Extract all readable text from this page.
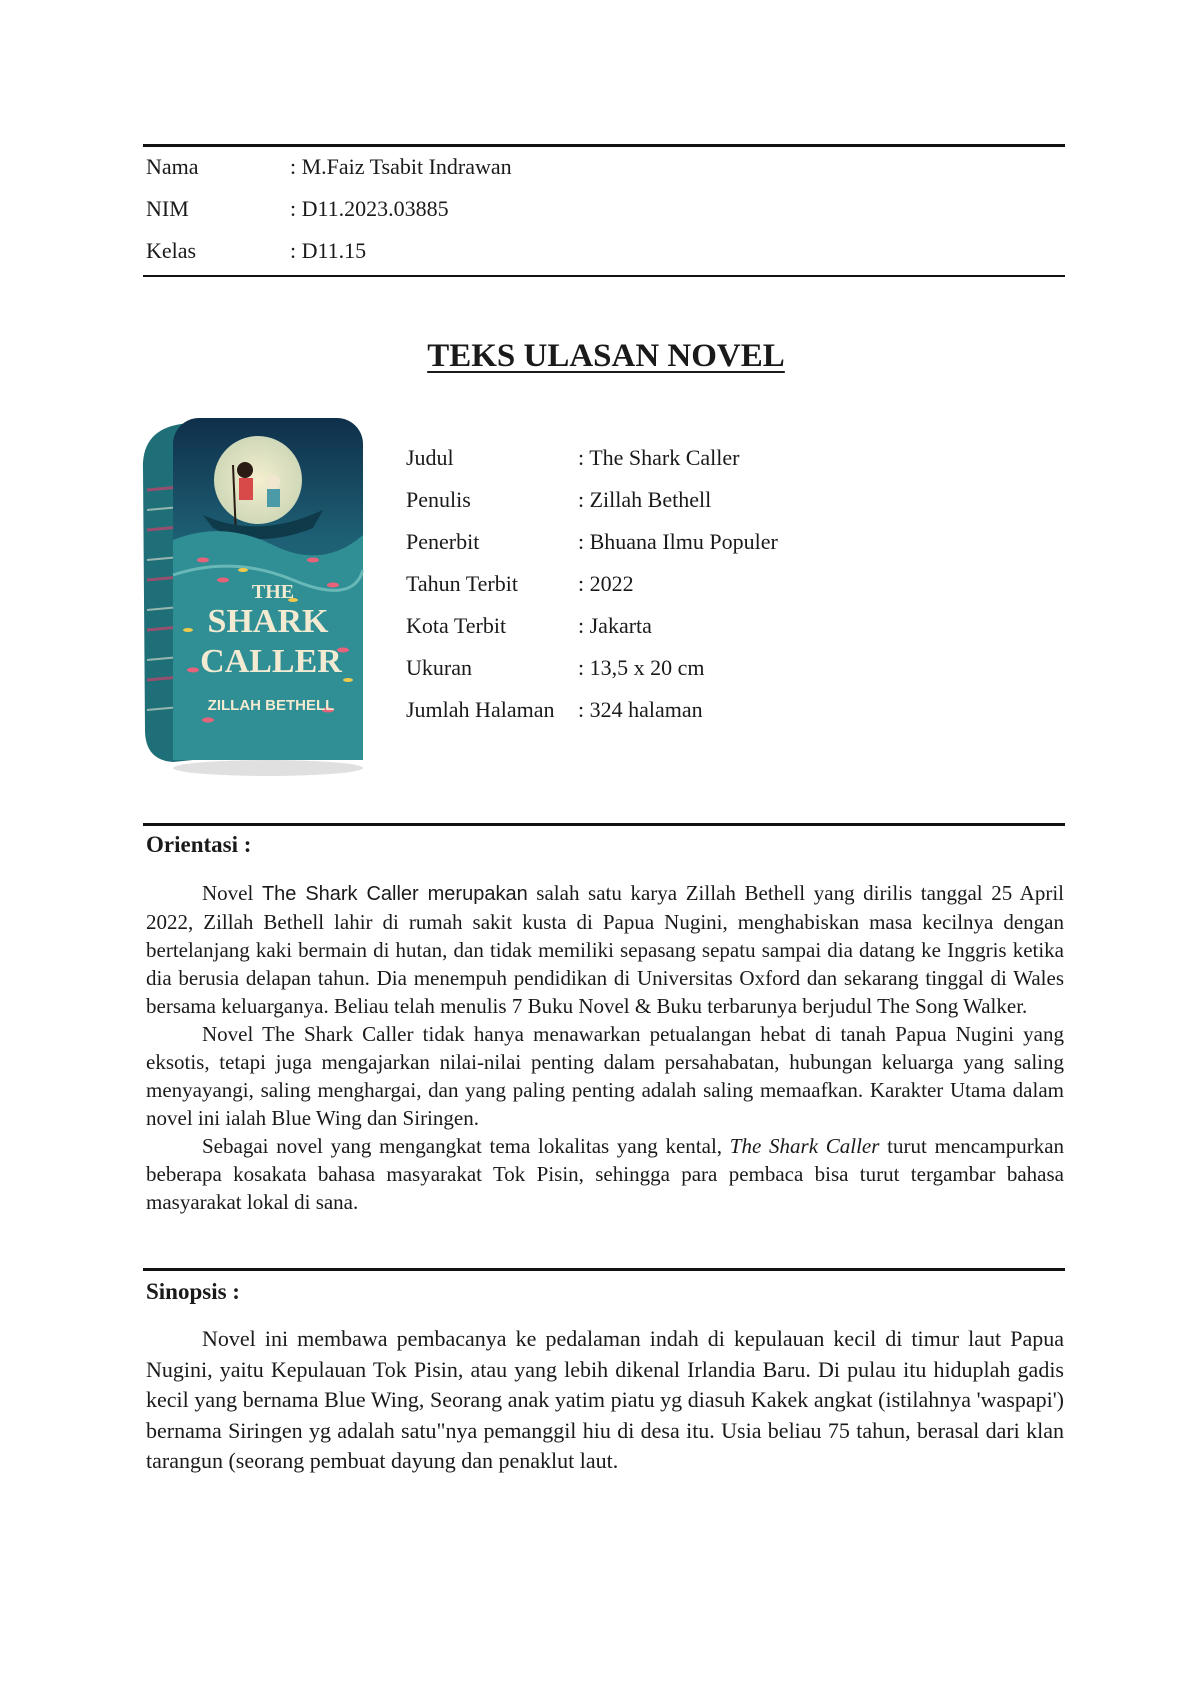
Nama	: M.Faiz Tsabit Indrawan
NIM	: D11.2023.03885
Kelas	: D11.15
TEKS ULASAN NOVEL
THE
SHARK
CALLER
ZILLAH BETHELL
Judul	: The Shark Caller
Penulis	: Zillah Bethell
Penerbit	: Bhuana Ilmu Populer
Tahun Terbit	: 2022
Kota Terbit	: Jakarta
Ukuran	: 13,5 x 20 cm
Jumlah Halaman	: 324 halaman
Orientasi :

Novel The Shark Caller merupakan salah satu karya Zillah Bethell yang dirilis tanggal 25 April 2022, Zillah Bethell lahir di rumah sakit kusta di Papua Nugini, menghabiskan masa kecilnya dengan bertelanjang kaki bermain di hutan, dan tidak memiliki sepasang sepatu sampai dia datang ke Inggris ketika dia berusia delapan tahun. Dia menempuh pendidikan di Universitas Oxford dan sekarang tinggal di Wales bersama keluarganya. Beliau telah menulis 7 Buku Novel & Buku terbarunya berjudul The Song Walker.

Novel The Shark Caller tidak hanya menawarkan petualangan hebat di tanah Papua Nugini yang eksotis, tetapi juga mengajarkan nilai-nilai penting dalam persahabatan, hubungan keluarga yang saling menyayangi, saling menghargai, dan yang paling penting adalah saling memaafkan. Karakter Utama dalam novel ini ialah Blue Wing dan Siringen.

Sebagai novel yang mengangkat tema lokalitas yang kental, The Shark Caller turut mencampurkan beberapa kosakata bahasa masyarakat Tok Pisin, sehingga para pembaca bisa turut tergambar bahasa masyarakat lokal di sana.

Sinopsis :

Novel ini membawa pembacanya ke pedalaman indah di kepulauan kecil di timur laut Papua Nugini, yaitu Kepulauan Tok Pisin, atau yang lebih dikenal Irlandia Baru. Di pulau itu hiduplah gadis kecil yang bernama Blue Wing, Seorang anak yatim piatu yg diasuh Kakek angkat (istilahnya 'waspapi') bernama Siringen yg adalah satu"nya pemanggil hiu di desa itu. Usia beliau 75 tahun, berasal dari klan tarangun (seorang pembuat dayung dan penaklut laut.
